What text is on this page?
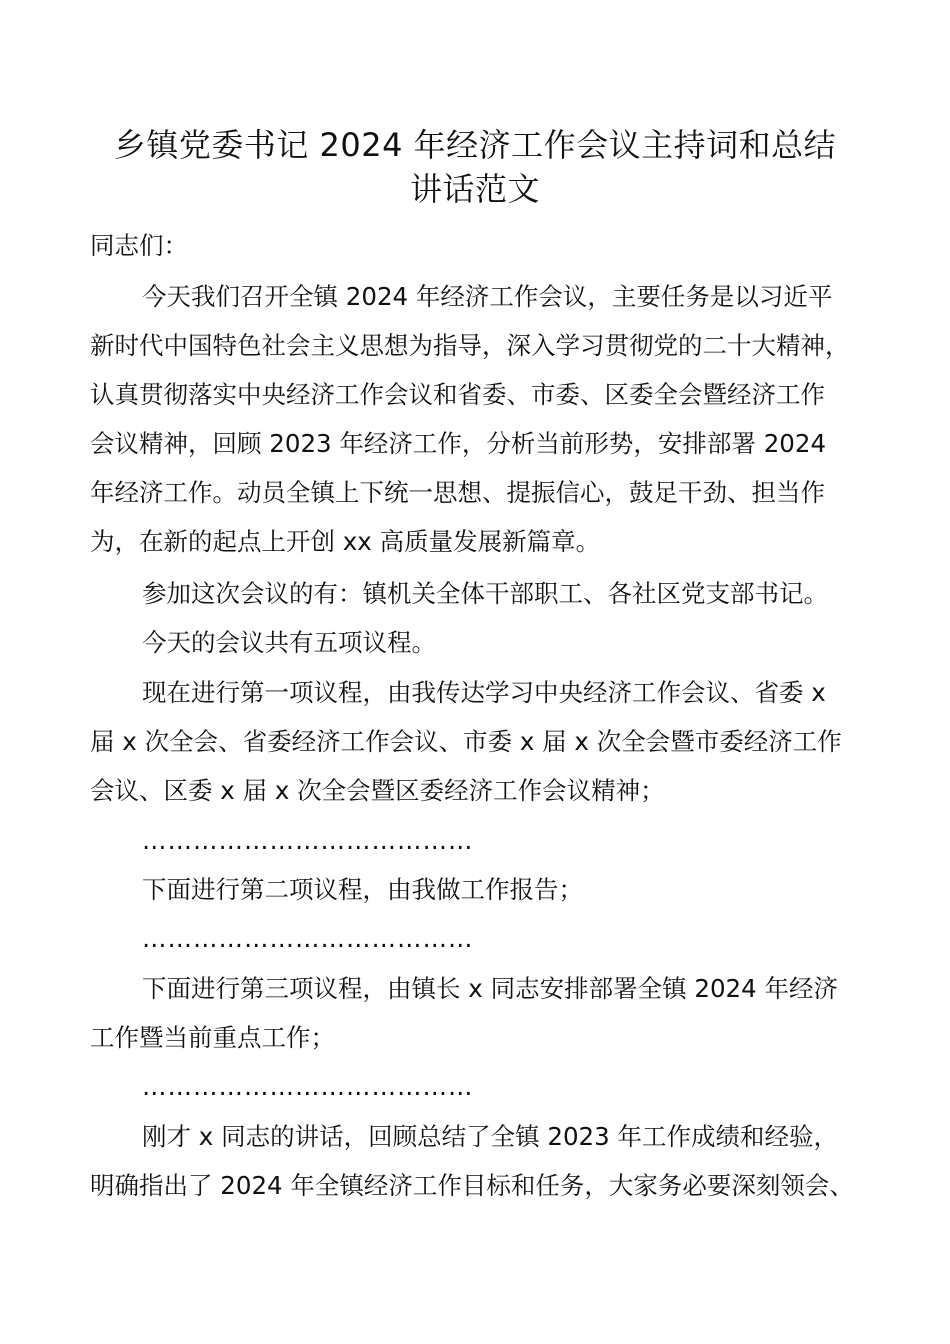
乡镇党委书记 2024 年经济工作会议主持词和总结
讲话范文
同志们：
今天我们召开全镇 2024 年经济工作会议，主要任务是以习近平
新时代中国特色社会主义思想为指导，深入学习贯彻党的二十大精神，
认真贯彻落实中央经济工作会议和省委、市委、区委全会暨经济工作
会议精神，回顾 2023 年经济工作，分析当前形势，安排部署 2024
年经济工作。动员全镇上下统一思想、提振信心，鼓足干劲、担当作
为，在新的起点上开创 xx 高质量发展新篇章。
参加这次会议的有：镇机关全体干部职工、各社区党支部书记。
今天的会议共有五项议程。
现在进行第一项议程，由我传达学习中央经济工作会议、省委 x
届 x 次全会、省委经济工作会议、市委 x 届 x 次全会暨市委经济工作
会议、区委 x 届 x 次全会暨区委经济工作会议精神；
…………………………………
下面进行第二项议程，由我做工作报告；
…………………………………
下面进行第三项议程，由镇长 x 同志安排部署全镇 2024 年经济
工作暨当前重点工作；
…………………………………
刚才 x 同志的讲话，回顾总结了全镇 2023 年工作成绩和经验，
明确指出了 2024 年全镇经济工作目标和任务，大家务必要深刻领会、
